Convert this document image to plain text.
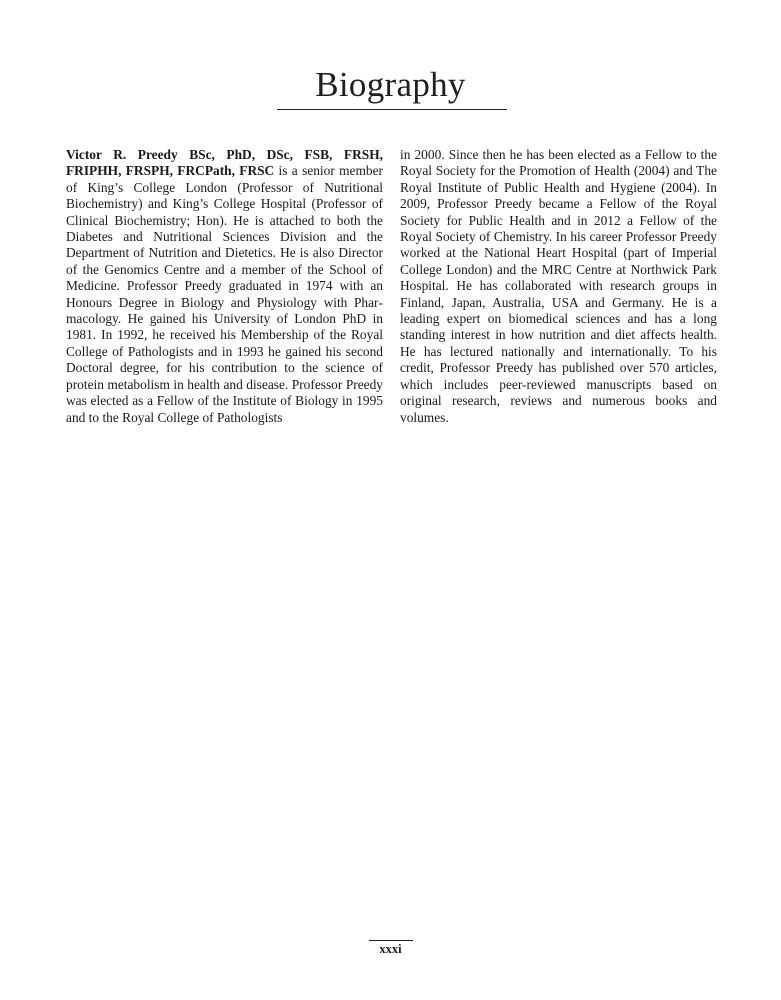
Biography

Victor R. Preedy BSc, PhD, DSc, FSB, FRSH, FRIPHH, FRSPH, FRCPath, FRSC is a senior member of King’s College London (Professor of Nutritional Biochemistry) and King’s College Hospital (Professor of Clinical Biochemistry; Hon). He is attached to both the Diabetes and Nutritional Sciences Division and the Department of Nutrition and Dietetics. He is also Director of the Genomics Centre and a member of the School of Medicine. Professor Preedy graduated in 1974 with an Honours Degree in Biology and Physiology with Pharmacology. He gained his University of London PhD in 1981. In 1992, he received his Membership of the Royal College of Pathologists and in 1993 he gained his second Doctoral degree, for his contribution to the science of protein metabolism in health and disease. Professor Preedy was elected as a Fellow of the Institute of Biology in 1995 and to the Royal College of Pathologists

in 2000. Since then he has been elected as a Fellow to the Royal Society for the Promotion of Health (2004) and The Royal Institute of Public Health and Hygiene (2004). In 2009, Professor Preedy became a Fellow of the Royal Society for Public Health and in 2012 a Fellow of the Royal Society of Chemistry. In his career Professor Preedy worked at the National Heart Hospital (part of Imperial College London) and the MRC Centre at Northwick Park Hospital. He has collaborated with research groups in Finland, Japan, Australia, USA and Germany. He is a leading expert on biomedical sciences and has a long standing interest in how nutrition and diet affects health. He has lectured nationally and internationally. To his credit, Professor Preedy has published over 570 articles, which includes peer-reviewed manuscripts based on original research, reviews and numerous books and volumes.

xxxi
